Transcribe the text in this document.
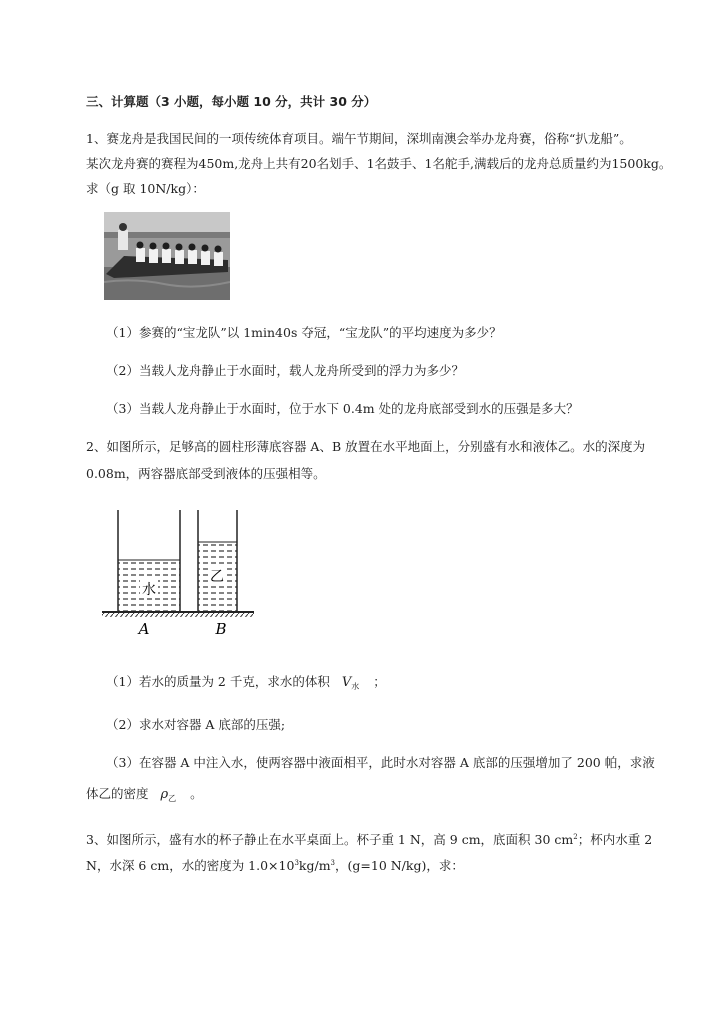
三、计算题（3 小题，每小题 10 分，共计 30 分）
1、赛龙舟是我国民间的一项传统体育项目。端午节期间，深圳南澳会举办龙舟赛，俗称“扒龙船”。
某次龙舟赛的赛程为450m,龙舟上共有20名划手、1名鼓手、1名舵手,满载后的龙舟总质量约为1500kg。
求（g 取 10N/kg）：
（1）参赛的“宝龙队”以 1min40s 夺冠，“宝龙队”的平均速度为多少？
（2）当载人龙舟静止于水面时，载人龙舟所受到的浮力为多少？
（3）当载人龙舟静止于水面时，位于水下 0.4m 处的龙舟底部受到水的压强是多大？
2、如图所示，足够高的圆柱形薄底容器 A、B 放置在水平地面上，分别盛有水和液体乙。水的深度为
0.08m，两容器底部受到液体的压强相等。
水
乙
A	B
（1）若水的质量为 2 千克，求水的体积 $V_水$ ；
（2）求水对容器 A 底部的压强;
（3）在容器 A 中注入水，使两容器中液面相平，此时水对容器 A 底部的压强增加了 200 帕，求液
体乙的密度 $\rho_乙$ 。
3、如图所示，盛有水的杯子静止在水平桌面上。杯子重 1 N，高 9 cm，底面积 30 $cm^2$；杯内水重 2
N，水深 6 cm，水的密度为 $1.0\times 10^3kg/m^3$，(g=10 N/kg)，求：
